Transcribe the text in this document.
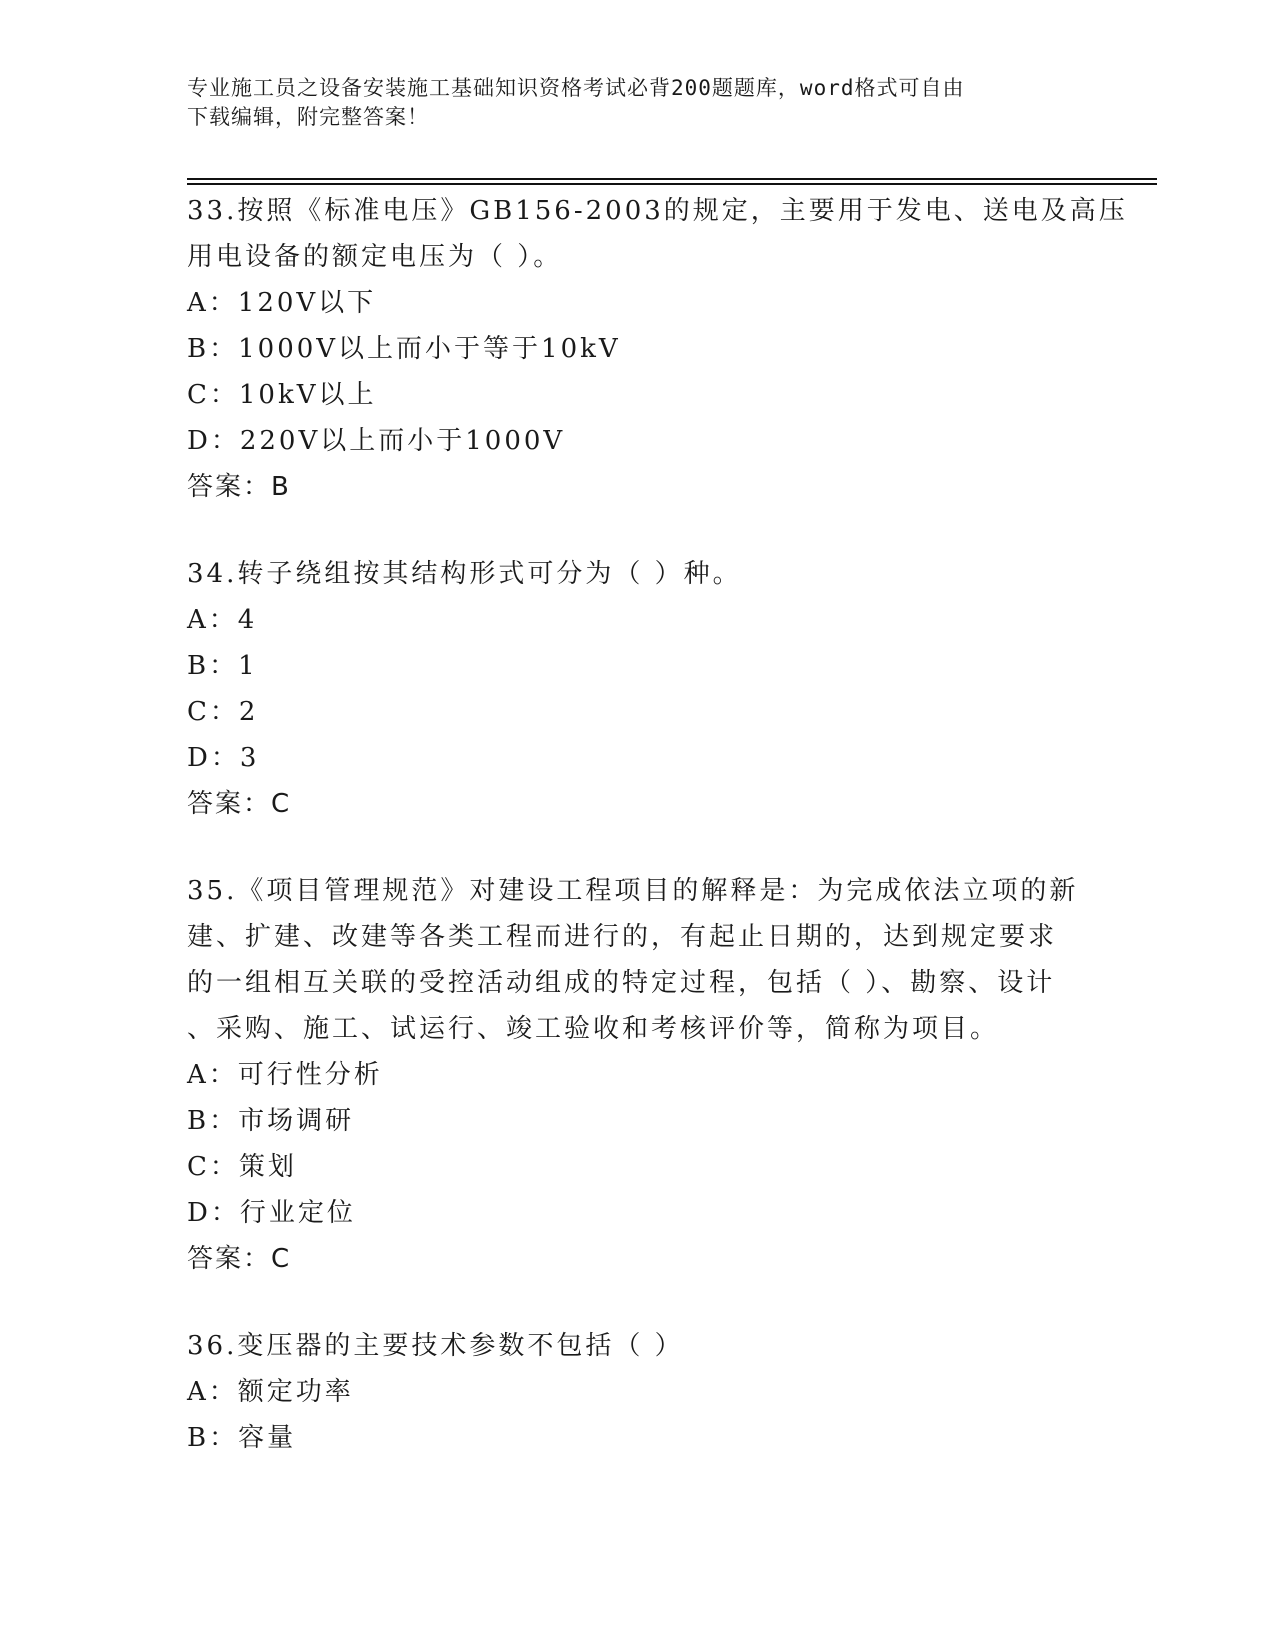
专业施工员之设备安装施工基础知识资格考试必背200题题库，word格式可自由
下载编辑，附完整答案！
33.按照《标准电压》GB156-2003的规定，主要用于发电、送电及高压
用电设备的额定电压为（ ）。
A：120V以下
B：1000V以上而小于等于10kV
C：10kV以上
D：220V以上而小于1000V
答案：B
34.转子绕组按其结构形式可分为（ ）种。
A：4
B：1
C：2
D：3
答案：C
35.《项目管理规范》对建设工程项目的解释是：为完成依法立项的新
建、扩建、改建等各类工程而进行的，有起止日期的，达到规定要求
的一组相互关联的受控活动组成的特定过程，包括（ ）、勘察、设计
、采购、施工、试运行、竣工验收和考核评价等，简称为项目。
A：可行性分析
B：市场调研
C：策划
D：行业定位
答案：C
36.变压器的主要技术参数不包括（ ）
A：额定功率
B：容量
